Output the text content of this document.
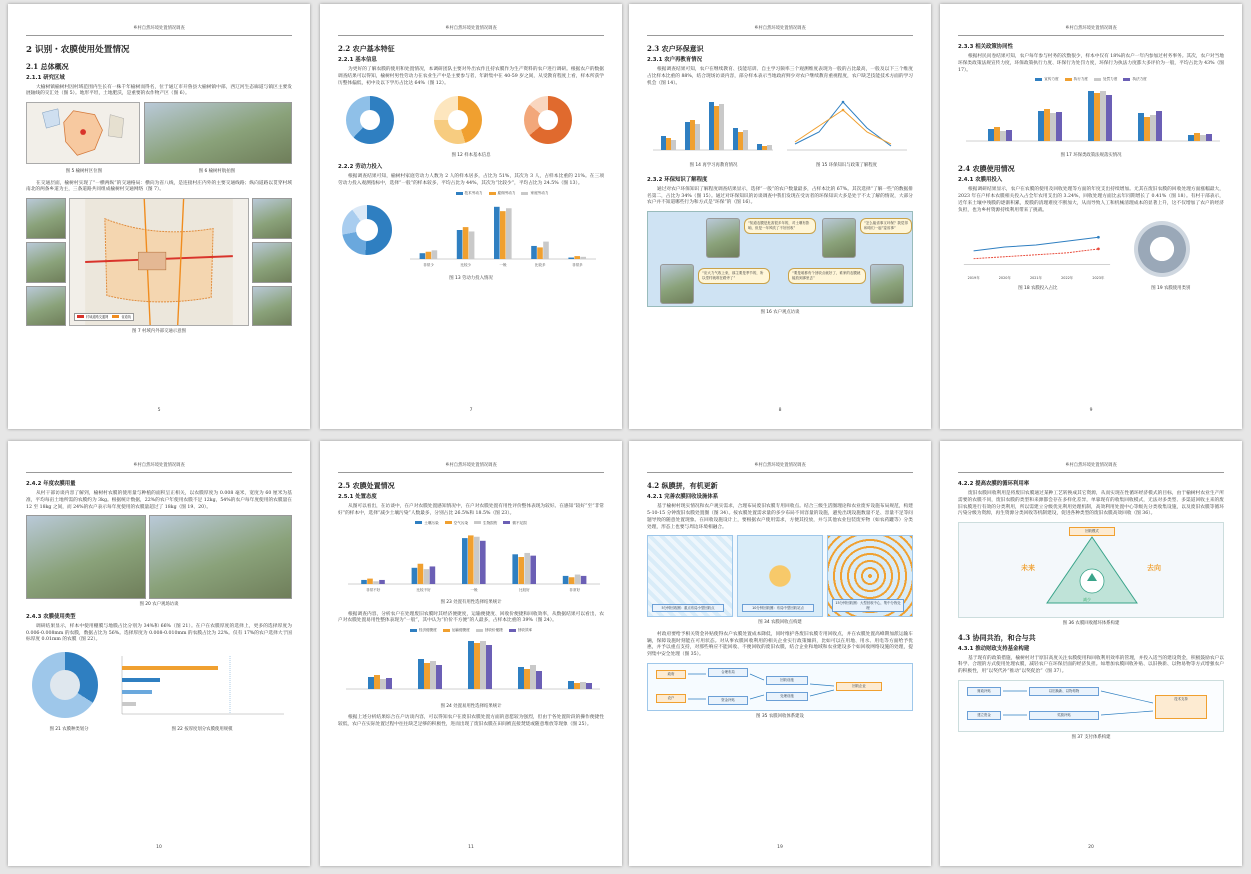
乡村自然环境处置情况调查
2 识别・农膜使用处置情况
2.1 总体概况
2.1.1 研究区域

大榆树镇榆树村因村域范围内生长有一株千年榆树而得名，位于通辽市开鲁县大榆树镇中部，西辽河生态廊道与镇区主要发展轴线的交汇处（图 5）。地形平坦，土地肥沃，是重要的农作物产区（图 6）。

图 5 榆树村区位图	图 6 榆树村航拍图

在交通层面，榆树村实现了“一横两纵”的交通格局：横向为省八线，是连接村庄内外的主要交通线路；纵向道路以贯穿村域南北的两条乡道为主，三条道路共同组成榆树村交通网络（图 7）。

村域道路交通网	省道线
图 7 村域内外部交通示意图
5
乡村自然环境处置情况调查
2.2 农户基本特征
2.2.1 基本信息

为更好的了解农膜的使用和处置情况，本调研团队主要对外出农作且持农膜作为生产资料的农户进行调研。根据农户的数据调查结果可以得知，榆树村男性劳动力在农业生产中是主要参与者，年龄集中在 40-59 岁之间，从受教育程度上看，样本所获学历整体偏低，初中及以下学历占比达 64%（图 12）。

图 12 样本基本信息
2.2.2 劳动力投入

根据调查结果可知，榆树村家庭劳动力人数为 2 人的样本居多，占比为 51%，其次为 3 人，占样本比重的 21%。在三项劳动力投入观测指标中，选择“一般”的样本较多，平均占比为 44%，其次为“比较少”，平均占比为 24.5%（图 13）。

技术劳动力	雇佣劳动力	家庭劳动力
非常少	比较少	一般	比较多	非常多
图 13 劳动力投入情况
7
乡村自然环境处置情况调查
2.3 农户环保意识
2.3.1 农户再教育情况

根据调查结果可知，农户在继续教育、技能培训、自主学习频率三个观测维度表现为一般的占比最高，一般及以下三个维度占比样本比重的 88%，结合现场访谈内容，部分样本表示当地政府鲜少对农户继续教育重视程度，农户缺乏技能技术方面的学习机会（图 14）。

图 14 再学习再教育情况	图 15 环保知识与政策了解程度
2.3.2 环保知识了解程度

通过对农户环保知识了解程度调查结果显示，选择“一般”的农户数量最多，占样本比的 67%。其次选择“了解一些”的数据排名第二，占比为 34%（图 15）。通过对环保知识的访谈调查中我们发现在受访者的环保知识大多是处于不太了解的情况，大部分农户并不知道哪些行为和方式是“环保”的（图 16）。

“知道农膜是危害很多年的，对土壤有影响，但是一年风吹了不好回收”
“怎么能省事又环保？我觉得和咱们一起“鉴省事”
“应大力气收上来，那主要是季节的，所以堂村就堆在路旁了”
“要是咱都有个回收点就好了，谁家的农膜就能放到那里去”
图 16 农户观点访谈
8
乡村自然环境处置情况调查
2.3.3 相关政策协同性

根据村民问卷结果可知，农户每年参与村务的次数很少，样本中仅有 18%的农户一年内参加过村务事务。其次，农户对当地环保类政策法规宣传力度，环保政策执行力度、环保行为处罚力度，环保行为执法力度都大多评价为一般，平均占比为 43%（图 17）。

宣传力度	执行力度	处罚力度	执法力度
图 17 环保类政策法规落实情况
2.4 农膜使用情况
2.4.1 农膜用投入

根据调研结果显示，农户在农膜的使用及回收处理等方面的年度支出持续增加。尤其在废旧农膜的回收处理方面涨幅最大，2023 年在户样本农膜相关投入占全年农用支出的 3.24%，回收处理方面比去年同期增长了 0.41%（图 18）。有村干部表示，近年来土壤中残膜的逐渐积累，废膜的清理难度不断加大，从而导致人工和机械清理成本的显著上升，这不仅增加了农户的经济负担，也为乡村资源持续利用带来了挑战。

2019年	2020年	2021年	2022年	2023年
图 18 农膜投入占比	图 19 农膜使用类别
9
乡村自然环境处置情况调查
2.4.2 年度农膜用量

从村干部访谈内容了解到，榆树村农膜的使用量与种植的面积呈正相关，以农膜厚度为 0.008 毫米，宽度为 60 厘米为基准，平均每亩土地所需的农膜约为 3kg。根据统计数据，22%的农户年使用农膜不足 12kg，54%的农户每年度使用的农膜量在 12 至 18kg 之间，而 24%的农户表示每年度使用的农膜量超过了 18kg（图 19、20）。

图 20 农户观场访谈
2.4.3 农膜使用类型

调研结果显示，样本中使用棚膜与地膜占比分别为 34%和 66%（图 21）。在户在农膜厚度的选择上，更多的选择厚度为 0.006-0.008mm 的农膜，数据占比为 56%。选择厚度为 0.008-0.010mm 的农膜占比为 22%。仅有 17%的农户选择大于国标厚度 0.01mm 的农膜（图 22）。

图 21 农膜种类划分	图 22 按厚度划分农膜使用规模
10
乡村自然环境处置情况调查
2.5 农膜处置情况
2.5.1 处置态度

从图可以看出，在访谈中，在户对农膜处置感知情况中，在户对农膜处置有用性评价整体表现为较好。在感知“较好”至“非常好”的样本中，选择“减少土壤污染”人数最多，分别占比 26.5%和 18.5%（图 23）。

土壤污染	空气污染	生物损伤	微不足损
非常不好	比较不好	一般	比较好	非常好
图 23 处置有用性选择结果统计

根据调查内容，分析农户在处理废旧农膜时其经济便捷度，运输便捷度、回收价便捷和回收效率，从数据结果可以看出，农户对农膜处置易用性整体表现为“一般”，其中认为“价价不方便”的人最多，占样本比重的 39%（图 24）。

经济便捷度	运输便捷度	回收价便捷	回收效率
图 24 处置易用性选择结果统计

根据上述分析结果综合在户访谈内容，可以得知农户在废旧农膜处置方面的意愿较为强烈，但由于各处置阶段的操作便捷性较低，农户在实际处置过程中往往缺乏足够的积极性，进而出现了废旧农膜在田间被直接焚烧或随意堆放等现象（图 25）。

11
乡村自然环境处置情况调查
4.2 纵膜拼，有机更新
4.2.1 完善农膜回收设施体系

基于榆树村现实情况和农户观实需求，合理布局废旧农膜专用回收点。结合三级生活圈理论和农业废弃设施布局规范，构建 5-10-15 分钟废旧农膜处置圈（图 34）。按农膜处置需求量的多少布局不同容量的设施，避免出现设施数量不足、容量不足等问题导致的随意处置现象。在回收设施设计上，要根据农户使用需求，方便其投放，并与其他农业包装废弃物（如农药罐等）分类处理，形态上也要与周边环境相融合。

5分钟回收圈：重点布局小型回收点	10分钟回收圈：布局中型回收站点
15分钟回收圈：大型回收中心，集中分拣处理
图 34 农膜回收点构建

村政府要给予相关资金补贴使得农户农膜处置成本降低，同时维护各废旧农膜专用回收点，并在农膜处置高峰期加派运输车辆，保障设施时刻能在可用状态。对从事农膜回收利用的相关企业实行政策倾斜，比如可以在用地、用水、用电等方面给予优惠，并予以重点支持，对那些响应不能回收、不便回收的废旧农膜，结合企业和地域和农业建设多个如回收网络设施的处理，提到集中安全处理（图 35）。

政府
农户
合理布局
资金补贴
回收设施
处理设施
回收企业
图 35 农膜回收体系建设
19
乡村自然环境处置情况调查
4.2.2 提高农膜的循环利用率

废旧农膜回收利用是将废旧农膜通过某种工艺转换成其它资源，从而实现在性循环经济模式的目标，由于榆树村农业生产所需要的农膜不同，废旧农膜的类型和来源都会存在多样化差异，单靠现有的收集回收模式，无法对多类型、多渠道回收主来的废旧农膜进行有效的分类利用，所以需建立分级优先利用处理机制，高效利用处置中心等级先分类收集设施，以及废旧农膜等循环污染分级为资源，再生资源分类回收等机制建设，促进各种类型的废旧农膜高效回收（图 36）。

回收模式
未来	去向
减少
图 36 农膜回收循环体系构建
4.3 协同共治，和合与共
4.3.1 推动财政支持基金构建

基于现有的政策措施，榆树村对于原旧高度关注农膜使用和回收利用效率的管理，并投入适当的建设资金，积极鼓励农户以科学、合理的方式使用处理农膜，减轻农户在环保层面的经济负担。如增加农膜回收补贴、以旧换新、以物易物等方式增强农户的积极性，用“以奖代补”推动“以奖促治”（图 37）。

财政补贴	以旧换新、以物易物
建立资金	奖励补贴
技术支持
图 37 支付体系构建
20
